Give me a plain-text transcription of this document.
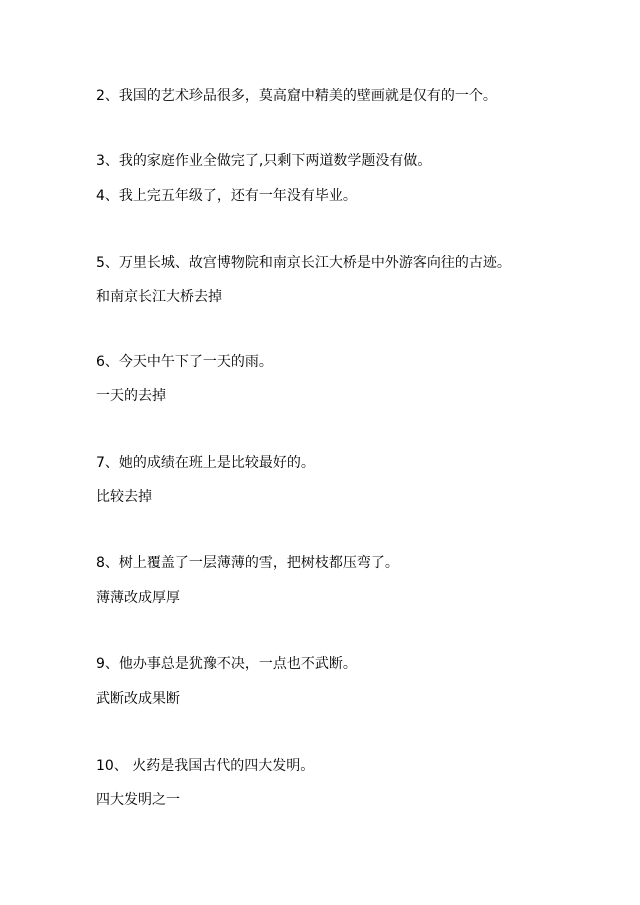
2、我国的艺术珍品很多，莫高窟中精美的壁画就是仅有的一个。
3、我的家庭作业全做完了,只剩下两道数学题没有做。
4、我上完五年级了，还有一年没有毕业。
5、万里长城、故宫博物院和南京长江大桥是中外游客向往的古迹。
和南京长江大桥去掉
6、今天中午下了一天的雨。
一天的去掉
7、她的成绩在班上是比较最好的。
比较去掉
8、树上覆盖了一层薄薄的雪，把树枝都压弯了。
薄薄改成厚厚
9、他办事总是犹豫不决，一点也不武断。
武断改成果断
10、 火药是我国古代的四大发明。
四大发明之一
